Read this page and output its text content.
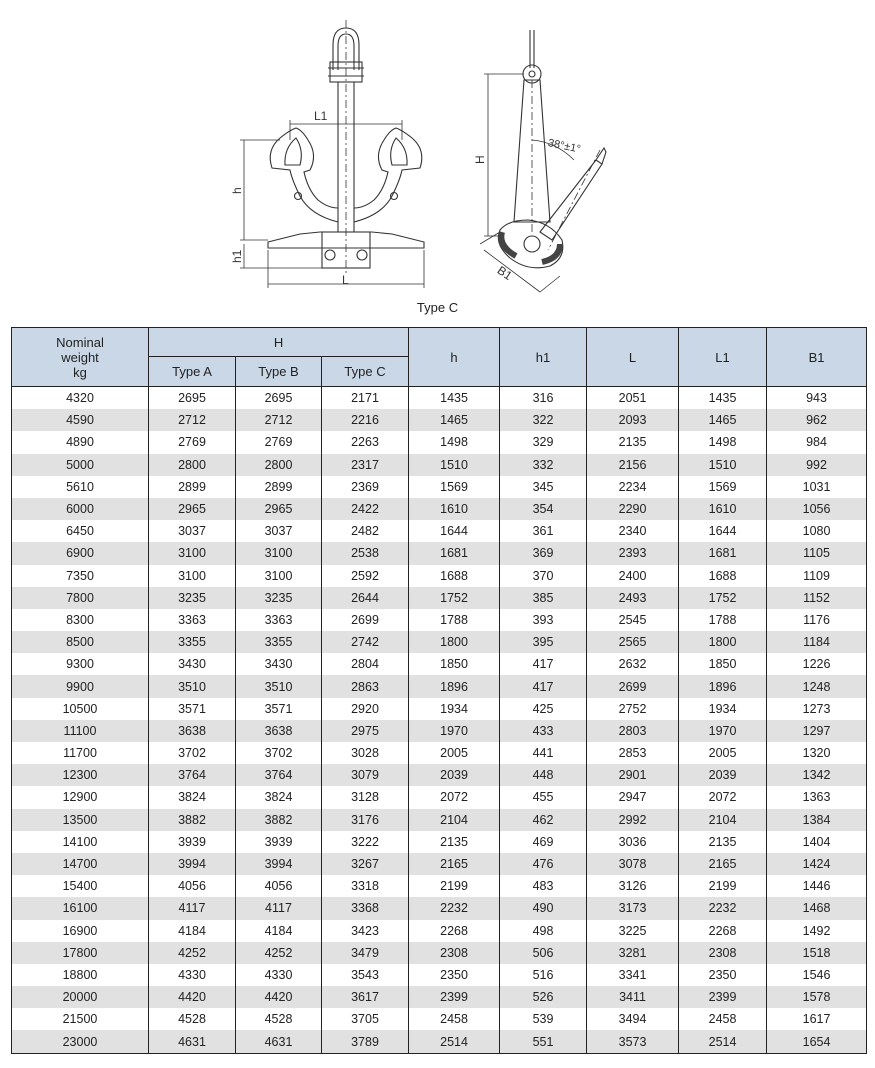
L1
h
h1
L
H
38°±1°
B1
Type C
Nominal
weight
kg	H			h	h1	L	L1	B1
	Type A	Type B	Type C					
4320	2695	2695	2171	1435	316	2051	1435	943
4590	2712	2712	2216	1465	322	2093	1465	962
4890	2769	2769	2263	1498	329	2135	1498	984
5000	2800	2800	2317	1510	332	2156	1510	992
5610	2899	2899	2369	1569	345	2234	1569	1031
6000	2965	2965	2422	1610	354	2290	1610	1056
6450	3037	3037	2482	1644	361	2340	1644	1080
6900	3100	3100	2538	1681	369	2393	1681	1105
7350	3100	3100	2592	1688	370	2400	1688	1109
7800	3235	3235	2644	1752	385	2493	1752	1152
8300	3363	3363	2699	1788	393	2545	1788	1176
8500	3355	3355	2742	1800	395	2565	1800	1184
9300	3430	3430	2804	1850	417	2632	1850	1226
9900	3510	3510	2863	1896	417	2699	1896	1248
10500	3571	3571	2920	1934	425	2752	1934	1273
11100	3638	3638	2975	1970	433	2803	1970	1297
11700	3702	3702	3028	2005	441	2853	2005	1320
12300	3764	3764	3079	2039	448	2901	2039	1342
12900	3824	3824	3128	2072	455	2947	2072	1363
13500	3882	3882	3176	2104	462	2992	2104	1384
14100	3939	3939	3222	2135	469	3036	2135	1404
14700	3994	3994	3267	2165	476	3078	2165	1424
15400	4056	4056	3318	2199	483	3126	2199	1446
16100	4117	4117	3368	2232	490	3173	2232	1468
16900	4184	4184	3423	2268	498	3225	2268	1492
17800	4252	4252	3479	2308	506	3281	2308	1518
18800	4330	4330	3543	2350	516	3341	2350	1546
20000	4420	4420	3617	2399	526	3411	2399	1578
21500	4528	4528	3705	2458	539	3494	2458	1617
23000	4631	4631	3789	2514	551	3573	2514	1654
